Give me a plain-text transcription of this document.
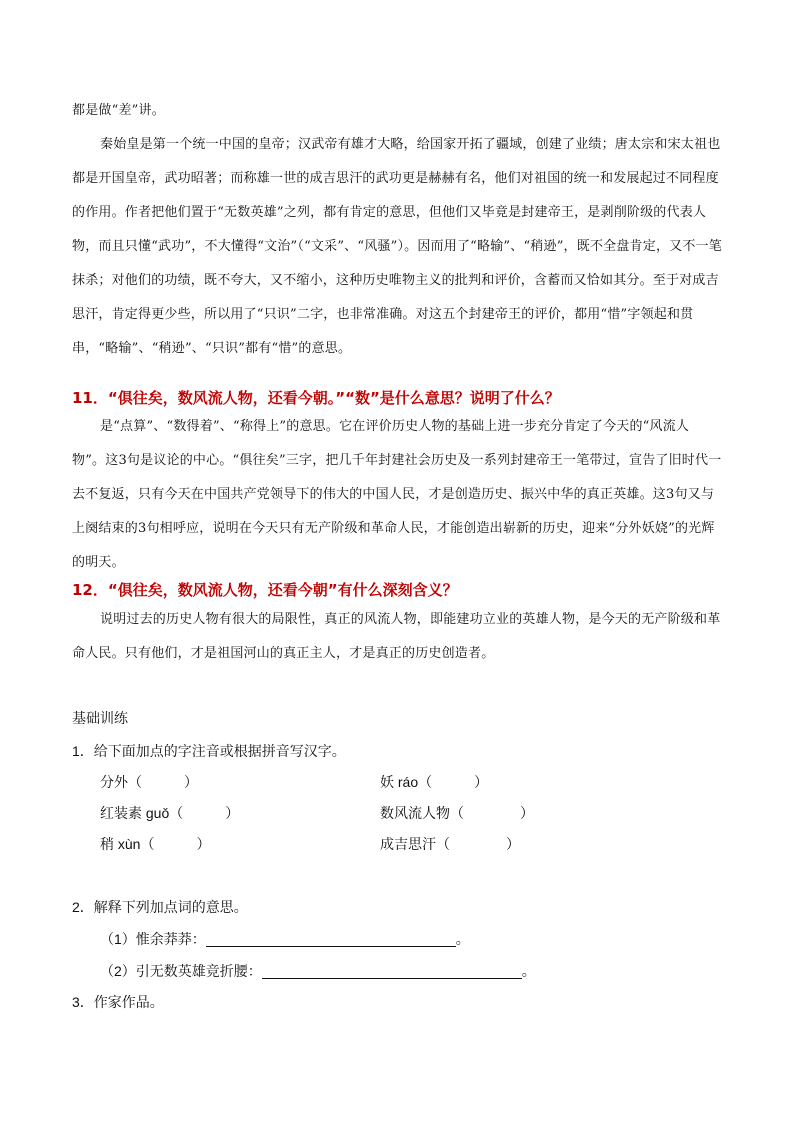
都是做“差”讲。

秦始皇是第一个统一中国的皇帝；汉武帝有雄才大略，给国家开拓了疆域，创建了业绩；唐太宗和宋太祖也都是开国皇帝，武功昭著；而称雄一世的成吉思汗的武功更是赫赫有名，他们对祖国的统一和发展起过不同程度的作用。作者把他们置于“无数英雄”之列，都有肯定的意思，但他们又毕竟是封建帝王，是剥削阶级的代表人物，而且只懂“武功”，不大懂得“文治”（“文采”、“风骚”）。因而用了“略输”、“稍逊”，既不全盘肯定，又不一笔抹杀；对他们的功绩，既不夸大，又不缩小，这种历史唯物主义的批判和评价，含蓄而又恰如其分。至于对成吉思汗，肯定得更少些，所以用了“只识”二字，也非常准确。对这五个封建帝王的评价，都用“惜”字领起和贯串，“略输”、“稍逊”、“只识”都有“惜”的意思。

11．“俱往矣，数风流人物，还看今朝。”“数”是什么意思？说明了什么？

是“点算”、“数得着”、“称得上”的意思。它在评价历史人物的基础上进一步充分肯定了今天的“风流人物”。这3句是议论的中心。“俱往矣”三字，把几千年封建社会历史及一系列封建帝王一笔带过，宣告了旧时代一去不复返，只有今天在中国共产党领导下的伟大的中国人民，才是创造历史、振兴中华的真正英雄。这3句又与上阕结束的3句相呼应，说明在今天只有无产阶级和革命人民，才能创造出崭新的历史，迎来“分外妖娆”的光辉的明天。

12．“俱往矣，数风流人物，还看今朝”有什么深刻含义？

说明过去的历史人物有很大的局限性，真正的风流人物，即能建功立业的英雄人物，是今天的无产阶级和革命人民。只有他们，才是祖国河山的真正主人，才是真正的历史创造者。

基础训练

1．给下面加点的字注音或根据拼音写汉字。

分外（　　　）	妖 ráo（　　　）

红装素 guǒ（　　　）	数风流人物（　　　　）

稍 xùn（　　　）	成吉思汗（　　　　）

2．解释下列加点词的意思。

（1）惟余莽莽：	。
（2）引无数英雄竞折腰：	。

3．作家作品。
